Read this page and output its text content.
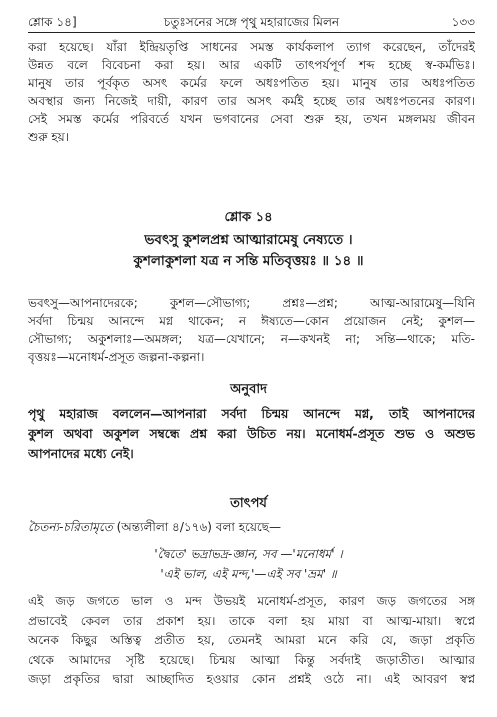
শ্লোক ১৪]	চতুঃসনের সঙ্গে পৃথু মহারাজের মিলন	১৩৩
করা হয়েছে। যাঁরা ইন্দ্রিয়তৃপ্তি সাধনের সমস্ত কার্যকলাপ ত্যাগ করেছেন, তাঁদেরই
উন্নত বলে বিবেচনা করা হয়। আর একটি তাৎপর্যপূর্ণ শব্দ হচ্ছে স্ব-কর্মভিঃ।
মানুষ তার পূর্বকৃত অসৎ কর্মের ফলে অধঃপতিত হয়। মানুষ তার অধঃপতিত
অবস্থার জন্য নিজেই দায়ী, কারণ তার অসৎ কর্মই হচ্ছে তার অধঃপতনের কারণ।
সেই সমস্ত কর্মের পরিবর্তে যখন ভগবানের সেবা শুরু হয়, তখন মঙ্গলময় জীবন
শুরু হয়।
শ্লোক ১৪
ভবৎসু কুশলপ্রশ্ন আত্মারামেষু নেষ্যতে ।
কুশলাকুশলা যত্র ন সন্তি মতিবৃত্তয়ঃ ॥ ১৪ ॥
ভবৎসু—আপনাদেরকে; কুশল—সৌভাগ্য; প্রশ্নঃ—প্রশ্ন; আত্ম-আরামেষু—যিনি
সর্বদা চিন্ময় আনন্দে মগ্ন থাকেন; ন ঈষ্যতে—কোন প্রয়োজন নেই; কুশল—
সৌভাগ্য; অকুশলাঃ—অমঙ্গল; যত্র—যেখানে; ন—কখনই না; সন্তি—থাকে; মতি-
বৃত্তয়ঃ—মনোধর্ম-প্রসূত জল্পনা-কল্পনা।
অনুবাদ
পৃথু মহারাজ বললেন—আপনারা সর্বদা চিন্ময় আনন্দে মগ্ন, তাই আপনাদের
কুশল অথবা অকুশল সম্বন্ধে প্রশ্ন করা উচিত নয়। মনোধর্ম-প্রসূত শুভ ও অশুভ
আপনাদের মধ্যে নেই।
তাৎপর্য
চৈতন্য-চরিতামৃতে (অন্ত্যলীলা ৪/১৭৬) বলা হয়েছে—
'দ্বৈতে' ভদ্রাভদ্র-জ্ঞান, সব —'মনোধর্ম' ।
'এই ভাল, এই মন্দ,'—এই সব 'ভ্রম' ॥
এই জড় জগতে ভাল ও মন্দ উভয়ই মনোধর্ম-প্রসূত, কারণ জড় জগতের সঙ্গ
প্রভাবেই কেবল তার প্রকাশ হয়। তাকে বলা হয় মায়া বা আত্ম-মায়া। স্বপ্নে
অনেক কিছুর অস্তিত্ব প্রতীত হয়, তেমনই আমরা মনে করি যে, জড়া প্রকৃতি
থেকে আমাদের সৃষ্টি হয়েছে। চিন্ময় আত্মা কিন্তু সর্বদাই জড়াতীত। আত্মার
জড়া প্রকৃতির দ্বারা আচ্ছাদিত হওয়ার কোন প্রশ্নই ওঠে না। এই আবরণ স্বপ্ন
